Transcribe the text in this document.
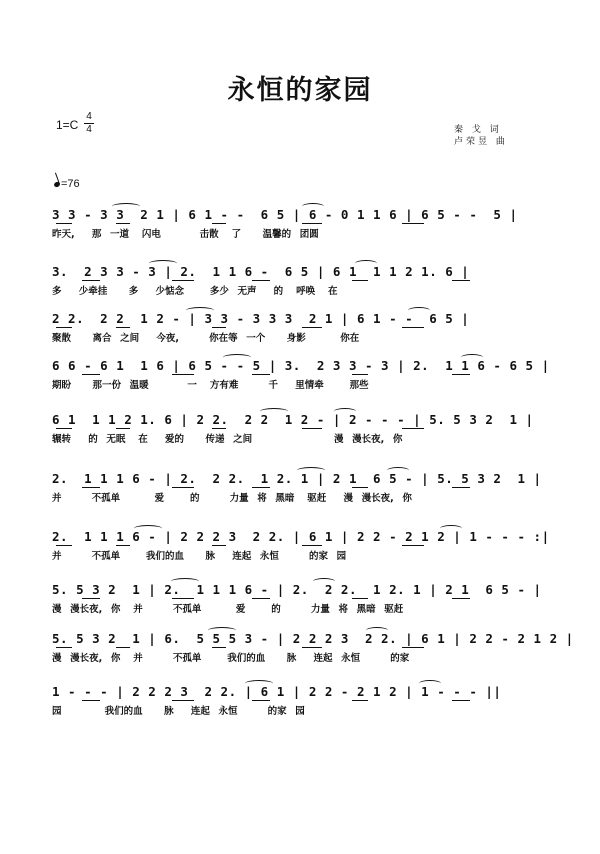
永恒的家园
1=C
4
4	秦 戈 词
卢荣昱 曲
=76
3 3 - 3 3  2 1 | 6 1 - -  6 5 | 6 - 0 1 1 6 | 6 5 - -  5 |
昨天,    那  一道   闪电         击散   了     温馨的  团圆
3.  2 3 3 - 3 | 2.  1 1 6 -  6 5 | 6 1  1 1 2 1. 6 |
多    少牵挂     多    少惦念      多少  无声    的   呼唤   在
2 2.  2 2  1 2 - | 3 3 - 3 3 3  2 1 | 6 1 - -  6 5 |
聚散     离合  之间    今夜,       你在等  一个     身影        你在
6 6 - 6 1  1 6 | 6 5 - - 5 | 3.  2 3 3 - 3 | 2.  1 1 6 - 6 5 |
期盼     那一份  温暖         一   方有难       千    里情牵      那些
6 1  1 1 2 1. 6 | 2 2.  2 2  1 2 - | 2 - - - | 5. 5 3 2  1 |
辗转    的  无眠   在    爱的     传递  之间                   漫  漫长夜,  你
2.  1 1 1 6 - | 2.  2 2.  1 2. 1 | 2 1  6 5 - | 5. 5 3 2  1 |
并       不孤单        爱      的       力量  将  黑暗   驱赶    漫  漫长夜,  你
2.  1 1 1 6 - | 2 2 2 3  2 2. | 6 1 | 2 2 - 2 1 2 | 1 - - - :|
并       不孤单      我们的血     脉    连起  永恒       的家  园
5. 5 3 2  1 | 2.  1 1 1 6 - | 2.  2 2.  1 2. 1 | 2 1  6 5 - |
漫  漫长夜,  你   并       不孤单        爱      的       力量  将  黑暗  驱赶
5. 5 3 2  1 | 6.  5 5 5 3 - | 2 2 2 3  2 2. | 6 1 | 2 2 - 2 1 2 |
漫  漫长夜,  你   并       不孤单      我们的血     脉    连起  永恒       的家
1 - - - | 2 2 2 3  2 2. | 6 1 | 2 2 - 2 1 2 | 1 - - - ||
园          我们的血     脉    连起  永恒       的家  园
